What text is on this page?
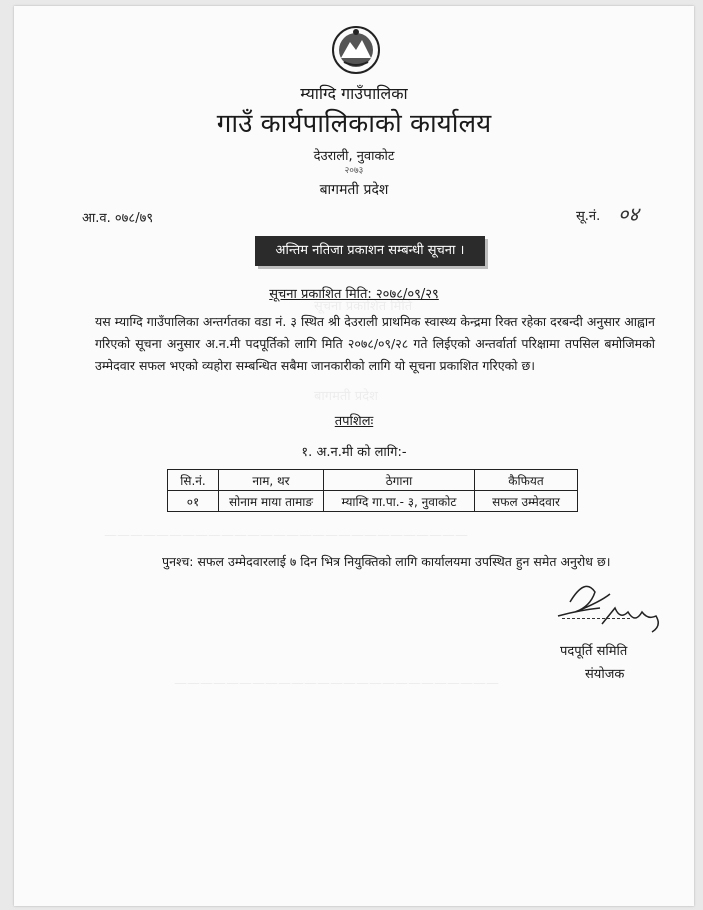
सूचना प्रकाशित मिति
बागमती प्रदेश
————————————————————————————
—————————————————————————
म्याग्दि गाउँपालिका
गाउँ कार्यपालिकाको कार्यालय
देउराली, नुवाकोट
२०७३
बागमती प्रदेश
आ.व. ०७८/७९	सू.नं. ०४
अन्तिम नतिजा प्रकाशन सम्बन्धी सूचना ।
सूचना प्रकाशित मिति: २०७८/०९/२९
यस म्याग्दि गाउँपालिका अन्तर्गतका वडा नं. ३ स्थित श्री देउराली प्राथमिक स्वास्थ्य केन्द्रमा रिक्त रहेका दरबन्दी अनुसार आह्वान गरिएको सूचना अनुसार अ.न.मी पदपूर्तिको लागि मिति २०७८/०९/२८ गते लिईएको अन्तर्वार्ता परिक्षामा तपसिल बमोजिमको उम्मेदवार सफल भएको व्यहोरा सम्बन्धित सबैमा जानकारीको लागि यो सूचना प्रकाशित गरिएको छ।
तपशिलः
१. अ.न.मी को लागि:-
सि.नं.	नाम, थर	ठेगाना	कैफियत
०१	सोनाम माया तामाङ	म्याग्दि गा.पा.- ३, नुवाकोट	सफल उम्मेदवार
पुनश्च: सफल उम्मेदवारलाई ७ दिन भित्र नियुक्तिको लागि कार्यालयमा उपस्थित हुन समेत अनुरोध छ।
पदपूर्ति समिति
संयोजक
